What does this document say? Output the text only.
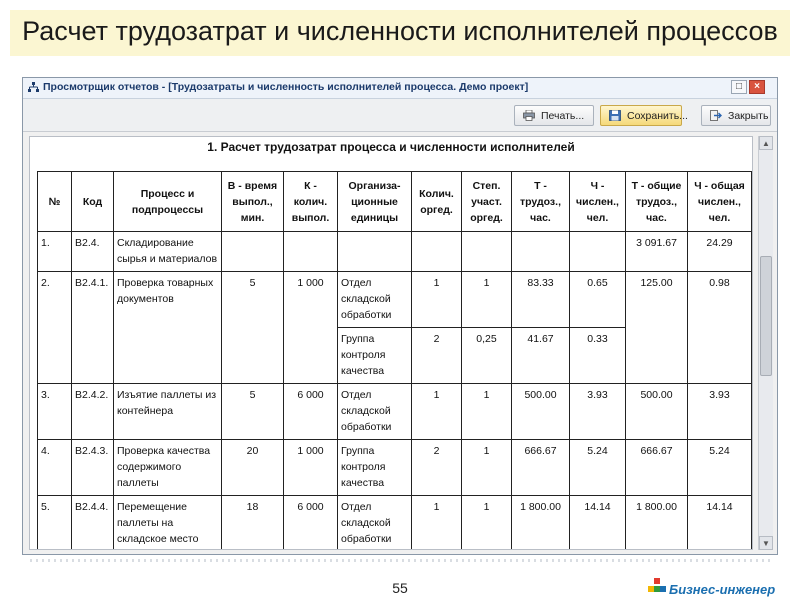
Расчет трудозатрат и численности исполнителей процессов
Просмотрщик отчетов - [Трудозатраты и численность исполнителей процесса. Демо проект]	□	×
Печать...	Сохранить...	Закрыть
1. Расчет трудозатрат процесса и численности исполнителей
№	Код	Процесс и подпроцессы	В - время выпол., мин.	К - колич. выпол.	Организа-ционные единицы	Колич. оргед.	Степ. участ. оргед.	Т - трудоз., час.	Ч - числен., чел.	Т - общие трудоз., час.	Ч - общая числен., чел.
1.	B2.4.	Складирование сырья и материалов								3 091.67	24.29
2.	B2.4.1.	Проверка товарных документов	5	1 000	Отдел складской обработки	1	1	83.33	0.65	125.00	0.98
					Группа контроля качества	2	0,25	41.67	0.33		
3.	B2.4.2.	Изъятие паллеты из контейнера	5	6 000	Отдел складской обработки	1	1	500.00	3.93	500.00	3.93
4.	B2.4.3.	Проверка качества содержимого паллеты	20	1 000	Группа контроля качества	2	1	666.67	5.24	666.67	5.24
5.	B2.4.4.	Перемещение паллеты на складское место	18	6 000	Отдел складской обработки	1	1	1 800.00	14.14	1 800.00	14.14
▲
▼
55	Бизнес-инженер
